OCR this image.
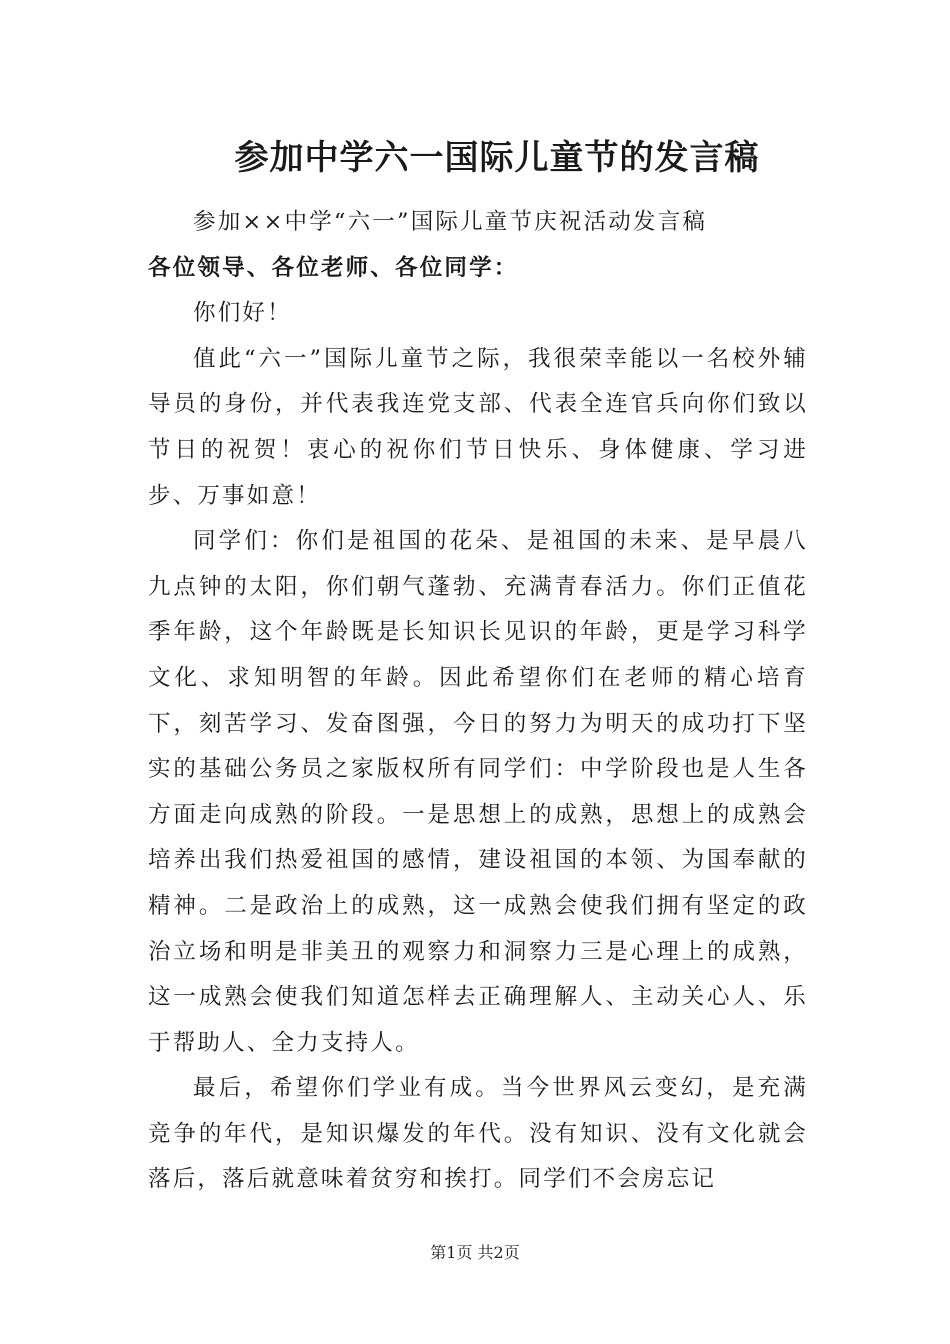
参加中学六一国际儿童节的发言稿

参加××中学“六一”国际儿童节庆祝活动发言稿

各位领导、各位老师、各位同学：

你们好！

值此“六一”国际儿童节之际，我很荣幸能以一名校外辅导员的身份，并代表我连党支部、代表全连官兵向你们致以节日的祝贺！衷心的祝你们节日快乐、身体健康、学习进步、万事如意！

同学们：你们是祖国的花朵、是祖国的未来、是早晨八九点钟的太阳，你们朝气蓬勃、充满青春活力。你们正值花季年龄，这个年龄既是长知识长见识的年龄，更是学习科学文化、求知明智的年龄。因此希望你们在老师的精心培育下，刻苦学习、发奋图强，今日的努力为明天的成功打下坚实的基础公务员之家版权所有同学们：中学阶段也是人生各方面走向成熟的阶段。一是思想上的成熟，思想上的成熟会培养出我们热爱祖国的感情，建设祖国的本领、为国奉献的精神。二是政治上的成熟，这一成熟会使我们拥有坚定的政治立场和明是非美丑的观察力和洞察力三是心理上的成熟，这一成熟会使我们知道怎样去正确理解人、主动关心人、乐于帮助人、全力支持人。

最后，希望你们学业有成。当今世界风云变幻，是充满竞争的年代，是知识爆发的年代。没有知识、没有文化就会落后，落后就意味着贫穷和挨打。同学们不会房忘记

第1页 共2页
